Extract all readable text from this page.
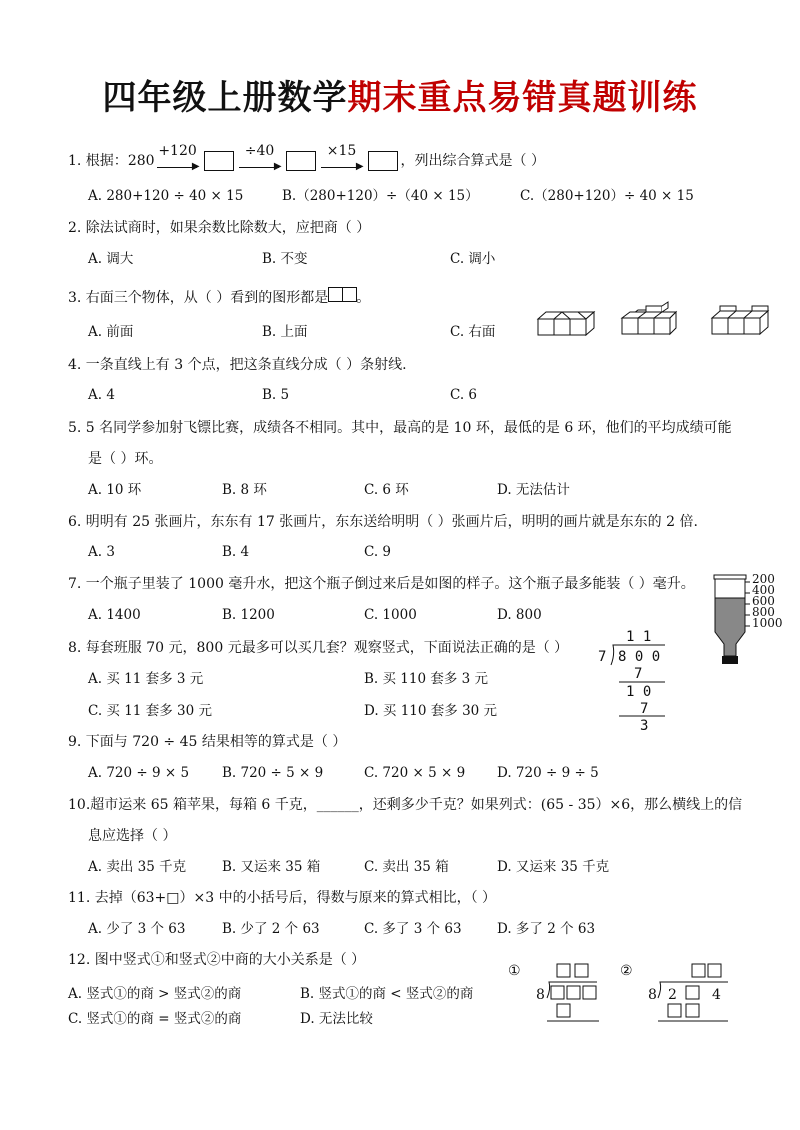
四年级上册数学期末重点易错真题训练
1. 根据：280
+120
▶
÷40
▶
×15
▶	，列出综合算式是（ ）
A. 280+120 ÷ 40 × 15	B.（280+120）÷（40 × 15）	C.（280+120）÷ 40 × 15
2. 除法试商时，如果余数比除数大，应把商（ ）
A. 调大	B. 不变	C. 调小
3. 右面三个物体，从（ ）看到的图形都是 。
A. 前面	B. 上面	C. 右面
4. 一条直线上有 3 个点，把这条直线分成（ ）条射线.
A. 4	B. 5	C. 6
5. 5 名同学参加射飞镖比赛，成绩各不相同。其中，最高的是 10 环，最低的是 6 环，他们的平均成绩可能
是（ ）环。
A. 10 环	B. 8 环	C. 6 环	D. 无法估计
6. 明明有 25 张画片，东东有 17 张画片，东东送给明明（ ）张画片后，明明的画片就是东东的 2 倍.
A. 3	B. 4	C. 9
7. 一个瓶子里装了 1000 毫升水，把这个瓶子倒过来后是如图的样子。这个瓶子最多能装（ ）毫升。
A. 1400	B. 1200	C. 1000	D. 800
200
400
600
800
1000
8. 每套班服 70 元，800 元最多可以买几套？观察竖式，下面说法正确的是（ ）
A. 买 11 套多 3 元	B. 买 110 套多 3 元
C. 买 11 套多 30 元	D. 买 110 套多 30 元
1 1
7 8 0 0
7
1 0
7
3
9. 下面与 720 ÷ 45 结果相等的算式是（ ）
A. 720 ÷ 9 × 5 B. 720 ÷ 5 × 9	C. 720 × 5 × 9 D. 720 ÷ 9 ÷ 5
10.超市运来 65 箱苹果，每箱 6 千克，______，还剩多少千克？如果列式：(65 - 35）×6，那么横线上的信
息应选择（ ）
A. 卖出 35 千克	B. 又运来 35 箱	C. 卖出 35 箱	D. 又运来 35 千克
11. 去掉（63+□）×3 中的小括号后，得数与原来的算式相比，（ ）
A. 少了 3 个 63	B. 少了 2 个 63	C. 多了 3 个 63	D. 多了 2 个 63
12. 图中竖式①和竖式②中商的大小关系是（ ）
A. 竖式①的商 > 竖式②的商	B. 竖式①的商 < 竖式②的商
C. 竖式①的商 = 竖式②的商	D. 无法比较
①
8
②
8 2	4
